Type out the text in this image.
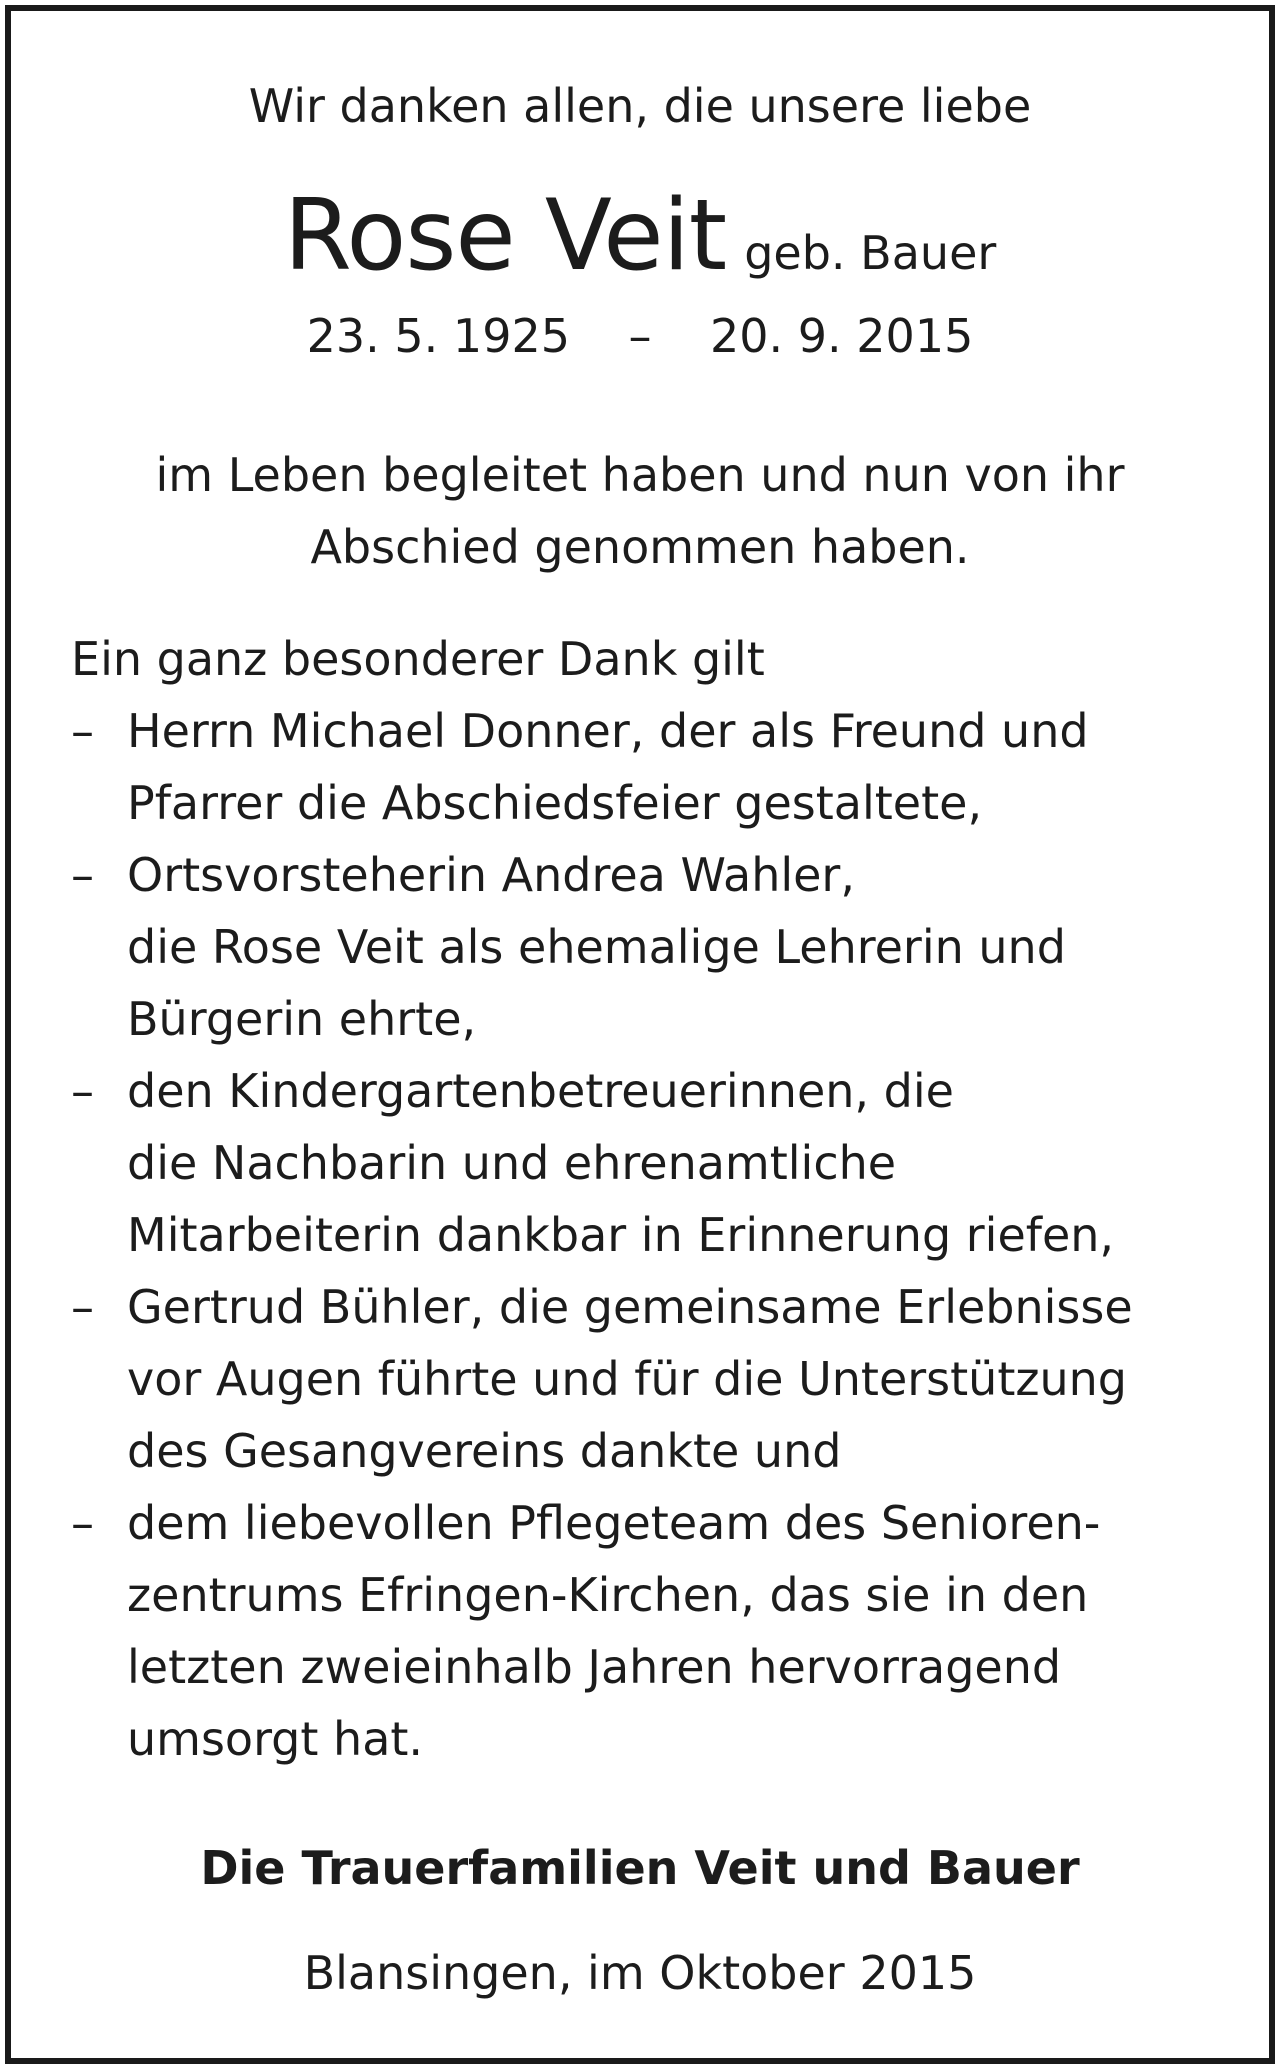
Wir danken allen, die unsere liebe
Rose Veit geb. Bauer
23. 5. 1925 – 20. 9. 2015
im Leben begleitet haben und nun von ihr
Abschied genommen haben.
Ein ganz besonderer Dank gilt
– Herrn Michael Donner, der als Freund und
Pfarrer die Abschiedsfeier gestaltete,
– Ortsvorsteherin Andrea Wahler,
die Rose Veit als ehemalige Lehrerin und
Bürgerin ehrte,
– den Kindergartenbetreuerinnen, die
die Nachbarin und ehrenamtliche
Mitarbeiterin dankbar in Erinnerung riefen,
– Gertrud Bühler, die gemeinsame Erlebnisse
vor Augen führte und für die Unterstützung
des Gesangvereins dankte und
– dem liebevollen Pflegeteam des Senioren-
zentrums Efringen-Kirchen, das sie in den
letzten zweieinhalb Jahren hervorragend
umsorgt hat.
Die Trauerfamilien Veit und Bauer
Blansingen, im Oktober 2015
